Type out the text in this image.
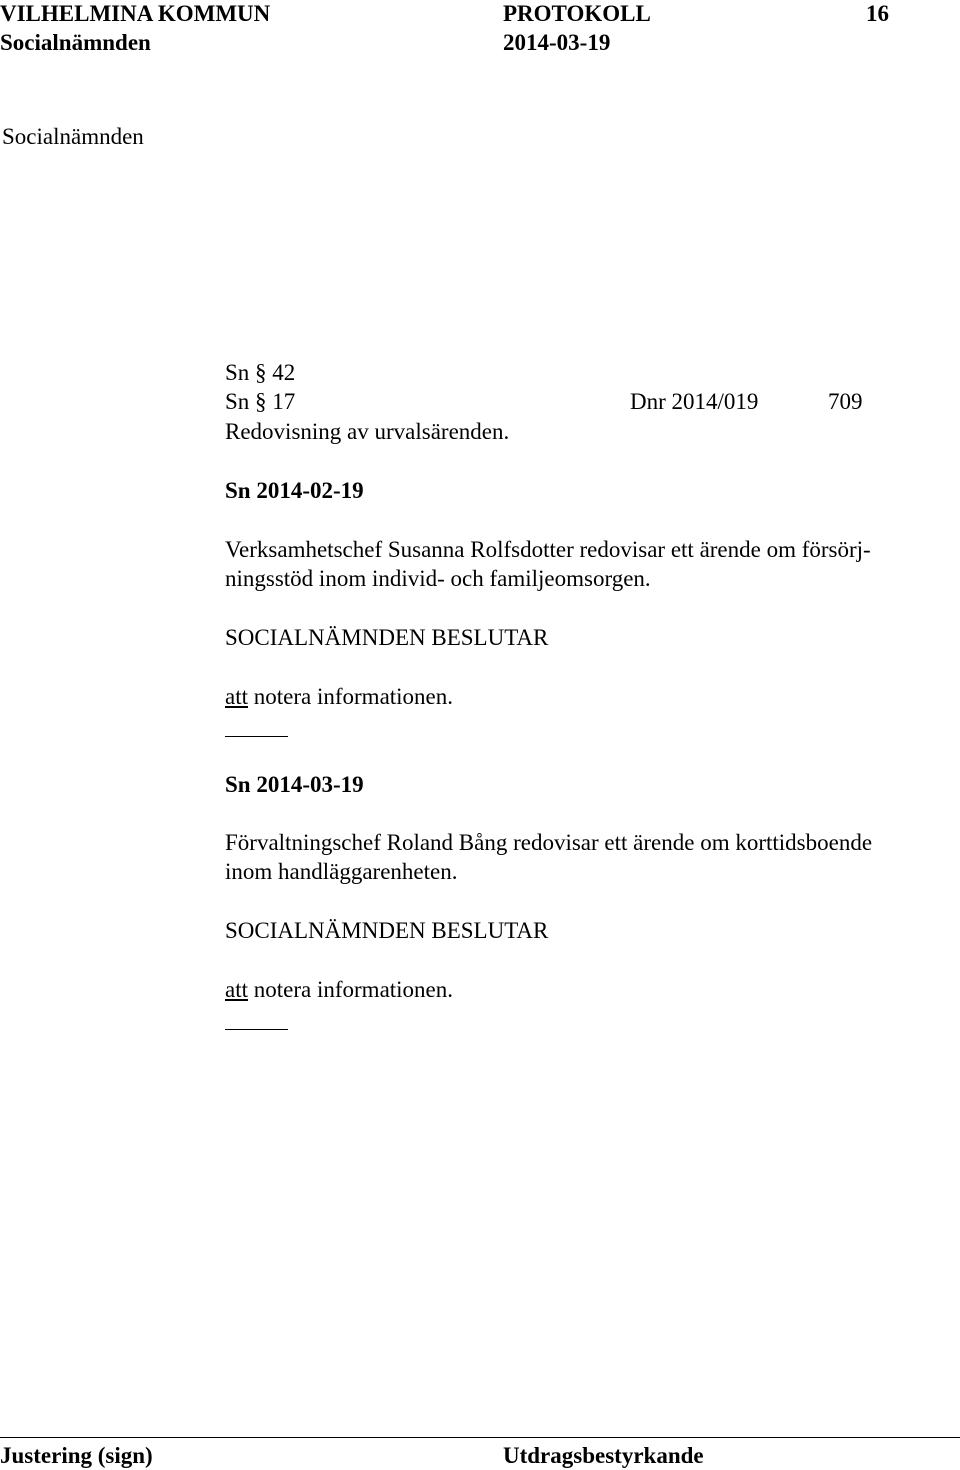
VILHELMINA KOMMUN
Socialnämnden
PROTOKOLL
2014-03-19
16
Socialnämnden
Sn § 42
Sn § 17	Dnr 2014/019	709
Redovisning av urvalsärenden.
Sn 2014-02-19
Verksamhetschef Susanna Rolfsdotter redovisar ett ärende om försörj-
ningsstöd inom individ- och familjeomsorgen.
SOCIALNÄMNDEN BESLUTAR
att notera informationen.
Sn 2014-03-19
Förvaltningschef Roland Bång redovisar ett ärende om korttidsboende
inom handläggarenheten.
SOCIALNÄMNDEN BESLUTAR
att notera informationen.
Justering (sign)	Utdragsbestyrkande
